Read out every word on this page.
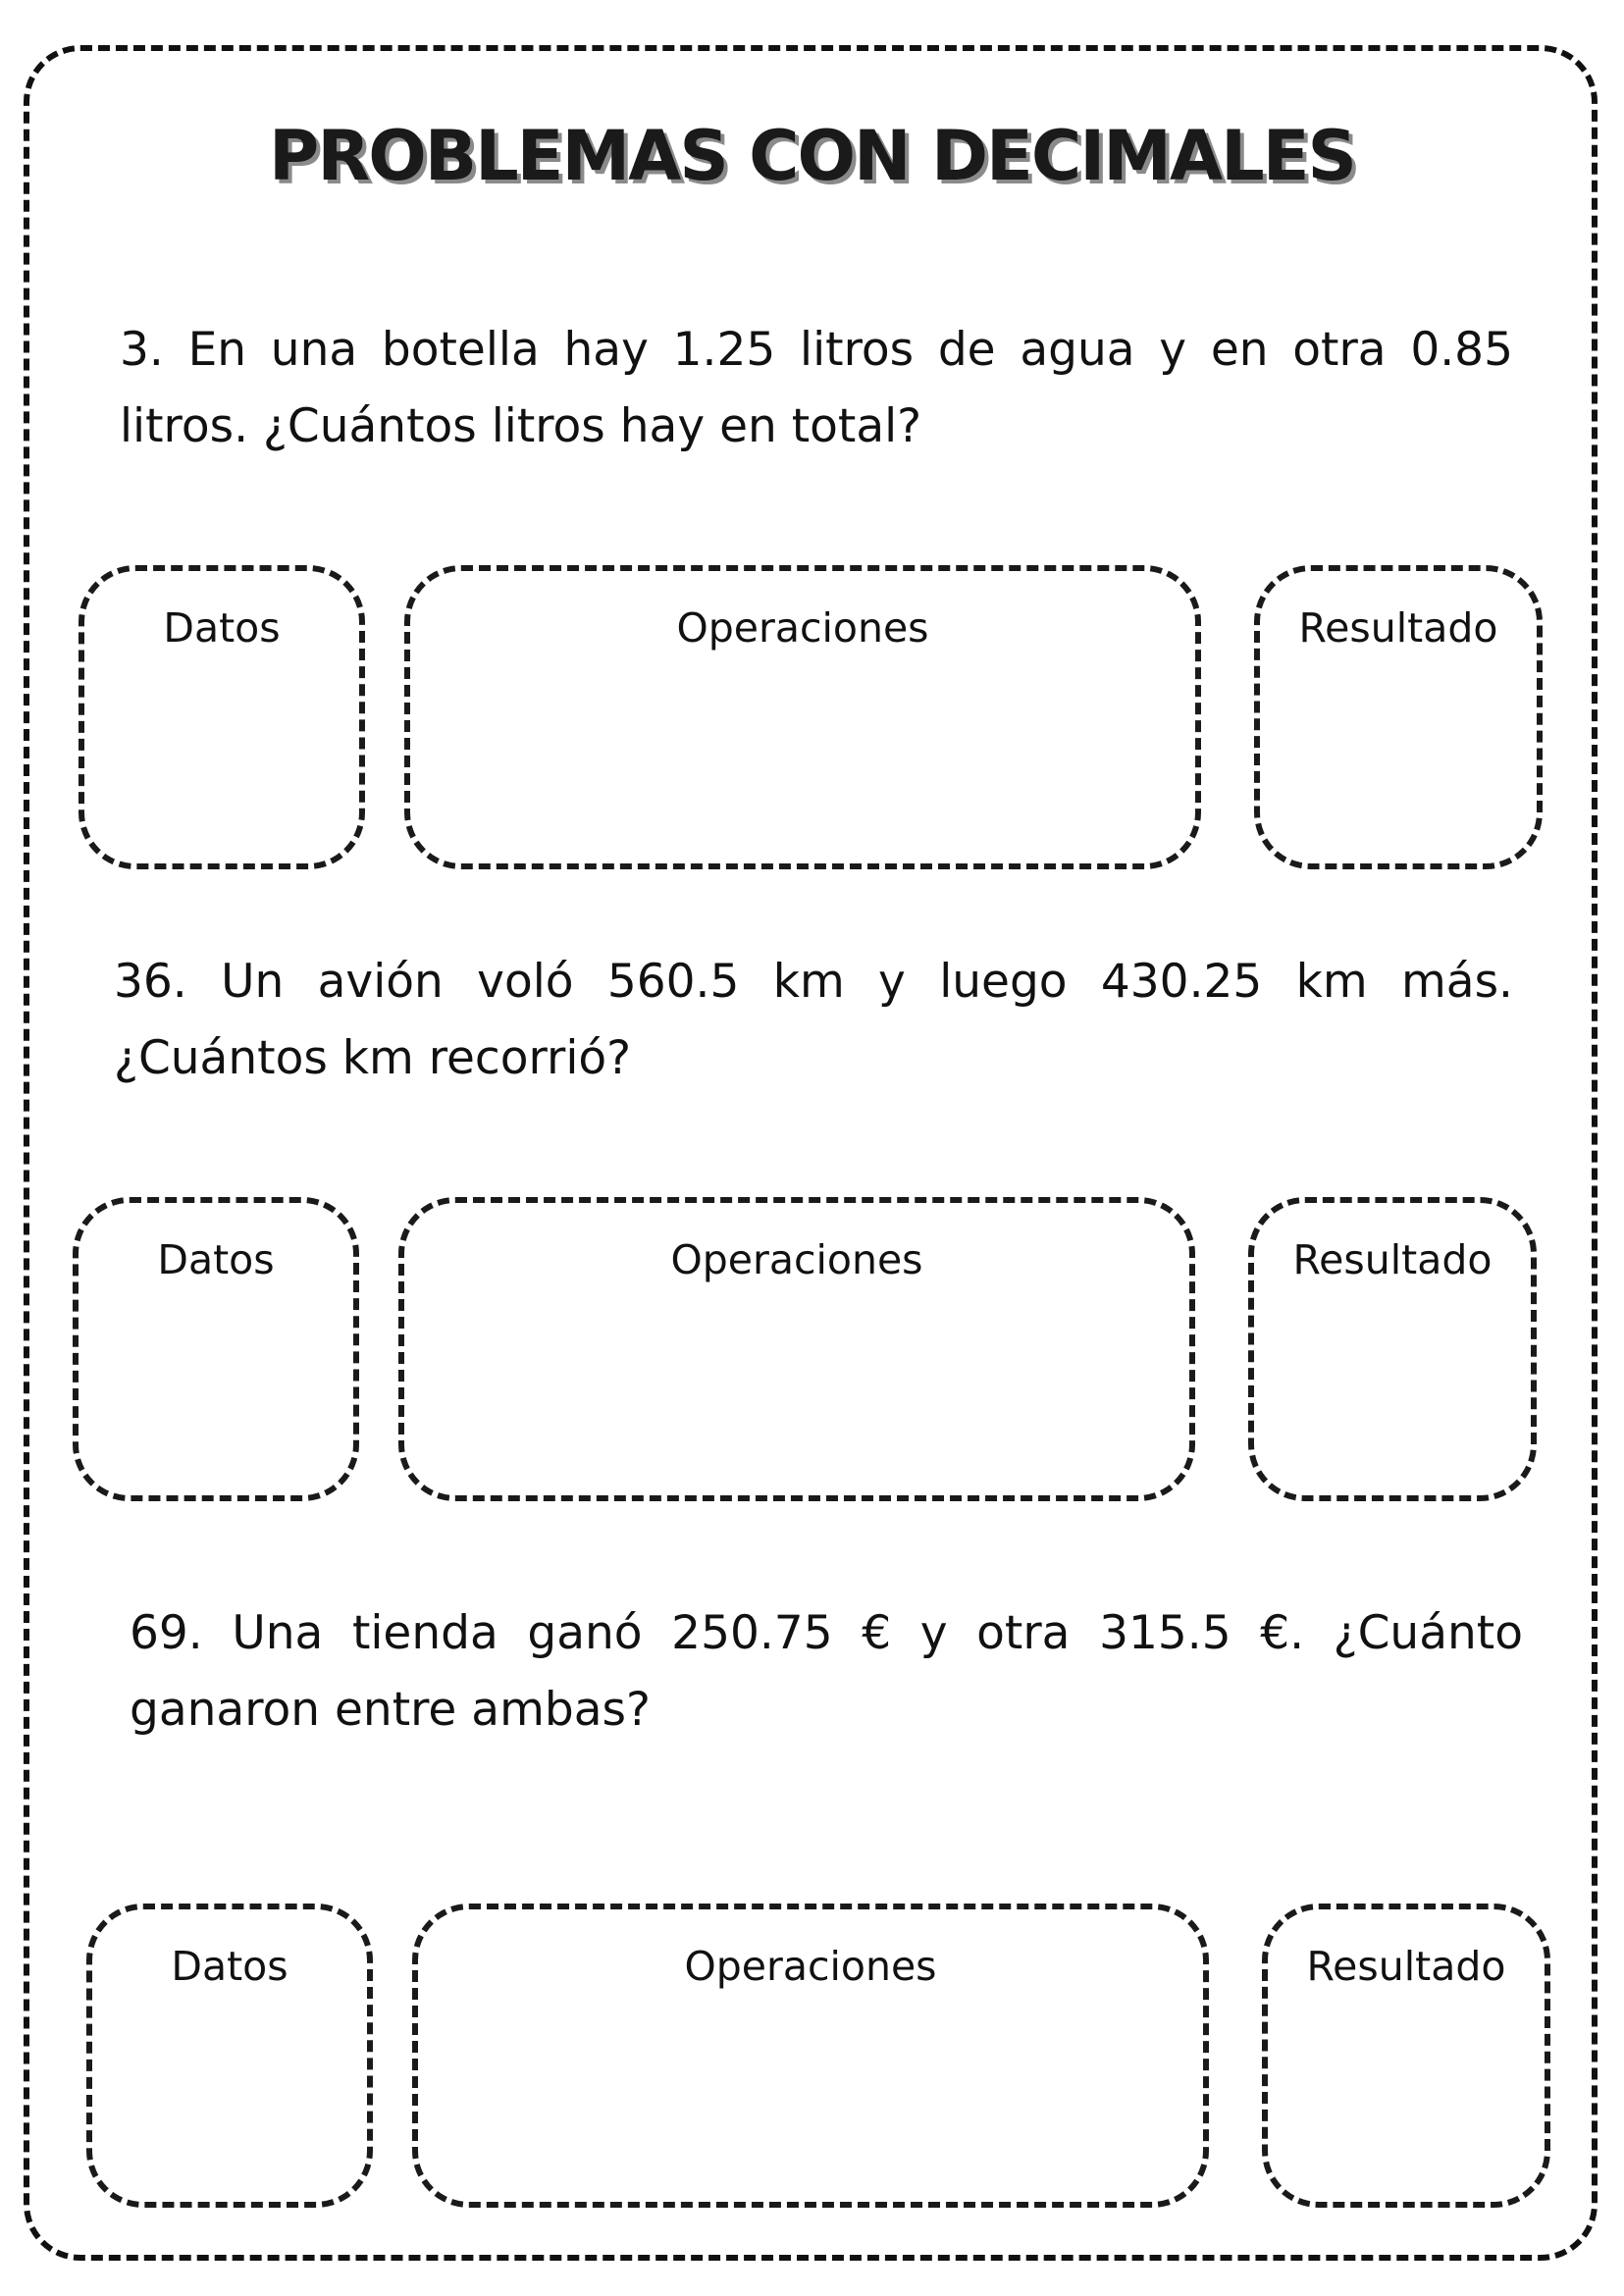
PROBLEMAS CON DECIMALES

3. En una botella hay 1.25 litros de agua y en otra 0.85 litros. ¿Cuántos litros hay en total?

Datos	Operaciones	Resultado

36. Un avión voló 560.5 km y luego 430.25 km más. ¿Cuántos km recorrió?

Datos	Operaciones	Resultado

69. Una tienda ganó 250.75 € y otra 315.5 €. ¿Cuánto ganaron entre ambas?

Datos	Operaciones	Resultado
